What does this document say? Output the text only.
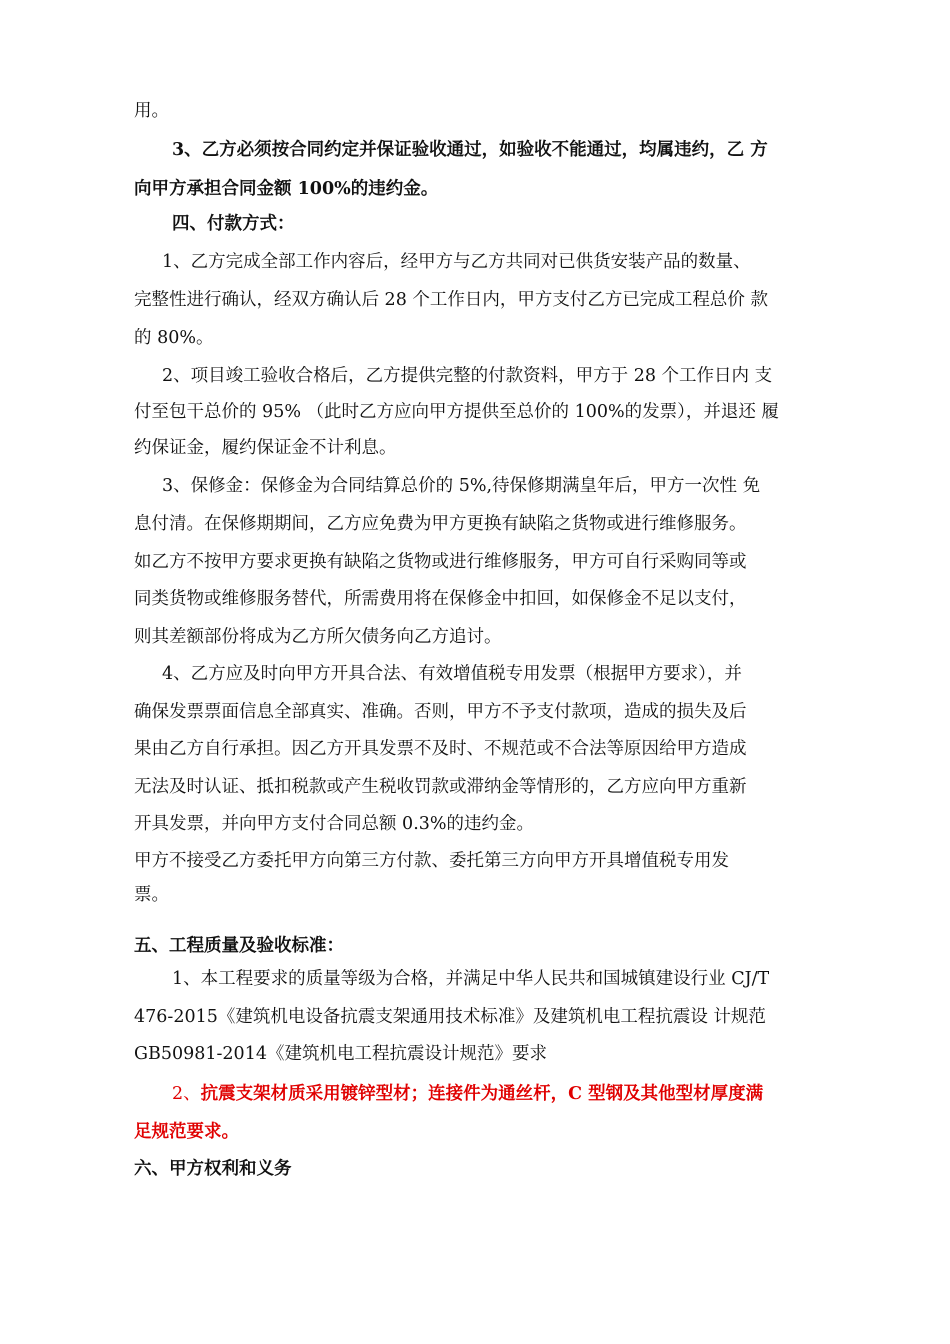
用。
3、乙方必须按合同约定并保证验收通过，如验收不能通过，均属违约，乙 方
向甲方承担合同金额 100%的违约金。
四、付款方式：
1、乙方完成全部工作内容后，经甲方与乙方共同对已供货安装产品的数量、
完整性进行确认，经双方确认后 28 个工作日内，甲方支付乙方已完成工程总价 款
的 80%。
2、项目竣工验收合格后，乙方提供完整的付款资料，甲方于 28 个工作日内 支
付至包干总价的 95% （此时乙方应向甲方提供至总价的 100%的发票），并退还 履
约保证金，履约保证金不计利息。
3、保修金：保修金为合同结算总价的 5%,待保修期满皇年后，甲方一次性 免
息付清。在保修期期间，乙方应免费为甲方更换有缺陷之货物或进行维修服务。
如乙方不按甲方要求更换有缺陷之货物或进行维修服务，甲方可自行采购同等或
同类货物或维修服务替代，所需费用将在保修金中扣回，如保修金不足以支付，
则其差额部份将成为乙方所欠债务向乙方追讨。
4、乙方应及时向甲方开具合法、有效增值税专用发票（根据甲方要求），并
确保发票票面信息全部真实、准确。否则，甲方不予支付款项，造成的损失及后
果由乙方自行承担。因乙方开具发票不及时、不规范或不合法等原因给甲方造成
无法及时认证、抵扣税款或产生税收罚款或滞纳金等情形的，乙方应向甲方重新
开具发票，并向甲方支付合同总额 0.3%的违约金。
甲方不接受乙方委托甲方向第三方付款、委托第三方向甲方开具增值税专用发
票。
五、工程质量及验收标准：
1、本工程要求的质量等级为合格，并满足中华人民共和国城镇建设行业 CJ/T
476-2015《建筑机电设备抗震支架通用技术标准》及建筑机电工程抗震设 计规范
GB50981-2014《建筑机电工程抗震设计规范》要求
2、抗震支架材质采用镀锌型材；连接件为通丝杆，C 型钢及其他型材厚度满
足规范要求。
六、甲方权利和义务
